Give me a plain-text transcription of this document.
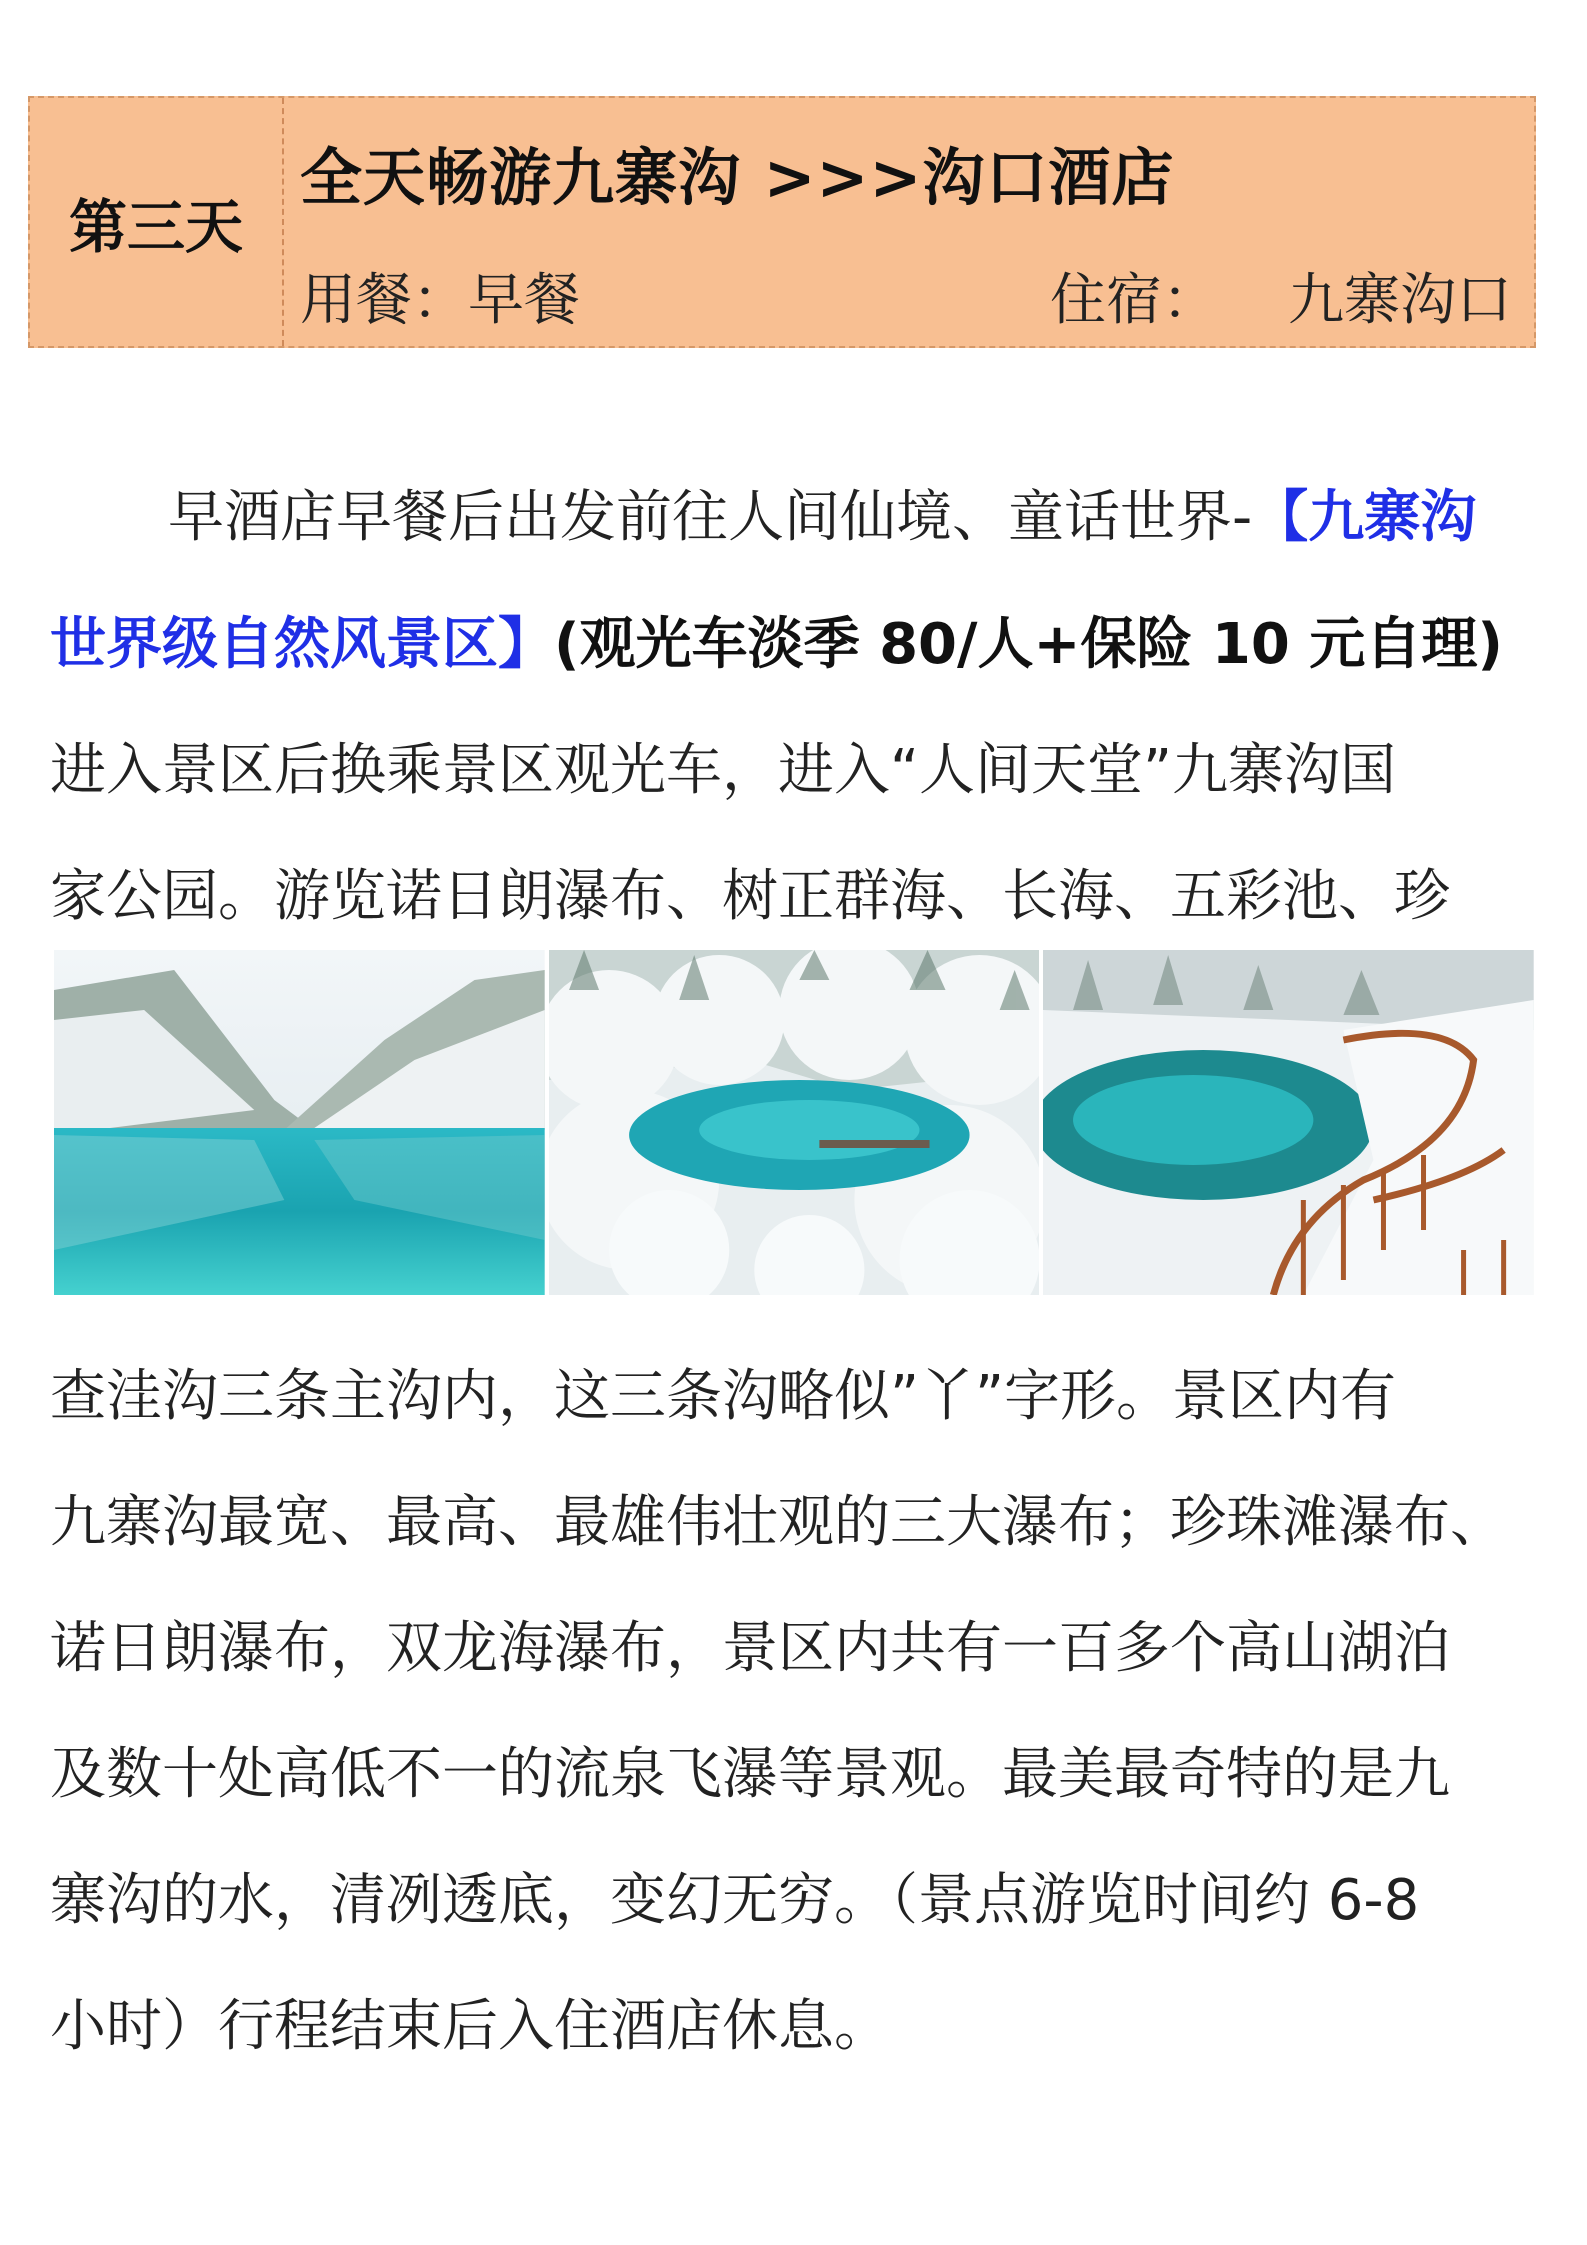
第三天
全天畅游九寨沟 >>>沟口酒店
用餐：早餐	住宿： 九寨沟口
早酒店早餐后出发前往人间仙境、童话世界-【九寨沟
世界级自然风景区】(观光车淡季 80/人+保险 10 元自理)
进入景区后换乘景区观光车，进入“人间天堂”九寨沟国
家公园。游览诺日朗瀑布、树正群海、长海、五彩池、珍
查洼沟三条主沟内，这三条沟略似”丫”字形。景区内有
九寨沟最宽、最高、最雄伟壮观的三大瀑布；珍珠滩瀑布、
诺日朗瀑布，双龙海瀑布，景区内共有一百多个高山湖泊
及数十处高低不一的流泉飞瀑等景观。最美最奇特的是九
寨沟的水，清冽透底，变幻无穷。（景点游览时间约 6-8
小时）行程结束后入住酒店休息。
